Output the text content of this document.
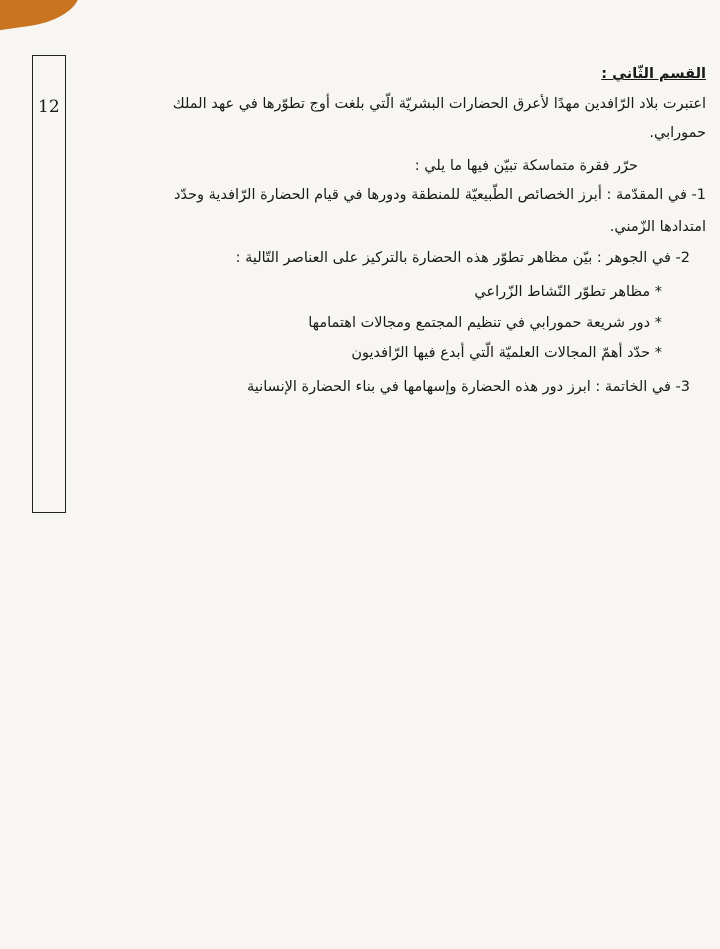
12
القسم الثّاني :
اعتبرت بلاد الرّافدين مهدًا لأعرق الحضارات البشريّة الّتي بلغت أوج تطوّرها في عهد الملك
حمورابي.
حرّر فقرة متماسكة تبيّن فيها ما يلي :
1- في المقدّمة : أبرز الخصائص الطّبيعيّة للمنطقة ودورها في قيام الحضارة الرّافدية وحدّد
امتدادها الزّمني.
2- في الجوهر : بيّن مظاهر تطوّر هذه الحضارة بالتركيز على العناصر التّالية :
* مظاهر تطوّر النّشاط الزّراعي
* دور شريعة حمورابي في تنظيم المجتمع ومجالات اهتمامها
* حدّد أهمّ المجالات العلميّة الّتي أبدع فيها الرّافديون
3- في الخاتمة : ابرز دور هذه الحضارة وإسهامها في بناء الحضارة الإنسانية
